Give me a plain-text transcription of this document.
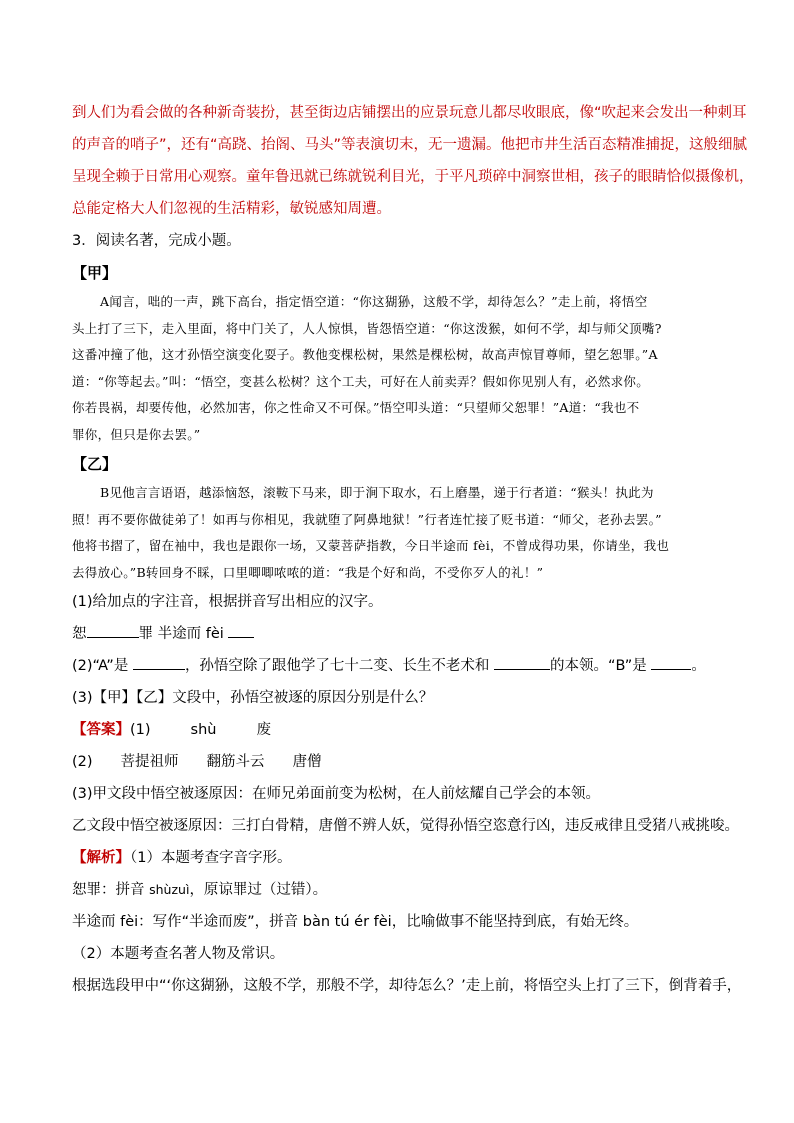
到人们为看会做的各种新奇装扮，甚至街边店铺摆出的应景玩意儿都尽收眼底，像“吹起来会发出一种刺耳

的声音的哨子”，还有“高跷、抬阁、马头”等表演切末，无一遗漏。他把市井生活百态精准捕捉，这般细腻

呈现全赖于日常用心观察。童年鲁迅就已练就锐利目光，于平凡琐碎中洞察世相，孩子的眼睛恰似摄像机，

总能定格大人们忽视的生活精彩，敏锐感知周遭。

3．阅读名著，完成小题。

【甲】

A闻言，咄的一声，跳下高台，指定悟空道：“你这猢狲，这般不学，却待怎么？”走上前，将悟空

头上打了三下，走入里面，将中门关了，人人惊惧，皆怨悟空道：“你这泼猴，如何不学，却与师父顶嘴?

这番冲撞了他，这才孙悟空演变化耍子。教他变棵松树，果然是棵松树，故高声惊冒尊师，望乞恕罪。”A

道：“你等起去。”叫：“悟空，变甚么松树？这个工夫，可好在人前卖弄？假如你见别人有，必然求你。

你若畏祸，却要传他，必然加害，你之性命又不可保。”悟空叩头道：“只望师父恕罪！”A道：“我也不

罪你，但只是你去罢。”

【乙】

B见他言言语语，越添恼怒，滚鞍下马来，即于涧下取水，石上磨墨，递于行者道：“猴头！执此为

照！再不要你做徒弟了！如再与你相见，我就堕了阿鼻地狱！”行者连忙接了贬书道：“师父，老孙去罢。”

他将书摺了，留在袖中，我也是跟你一场，又蒙菩萨指教，今日半途而 fèi，不曾成得功果，你请坐，我也

去得放心。”B转回身不睬，口里唧唧哝哝的道：“我是个好和尚，不受你歹人的礼！”

(1)给加点的字注音，根据拼音写出相应的汉字。

恕	罪 半途而 fèi

(2)“A”是	，孙悟空除了跟他学了七十二变、长生不老术和	的本领。“B”是	。

(3)【甲】【乙】文段中，孙悟空被逐的原因分别是什么？

【答案】(1)	shù	废

(2) 菩提祖师 翻筋斗云 唐僧

(3)甲文段中悟空被逐原因：在师兄弟面前变为松树，在人前炫耀自己学会的本领。

乙文段中悟空被逐原因：三打白骨精，唐僧不辨人妖，觉得孙悟空恣意行凶，违反戒律且受猪八戒挑唆。

【解析】（1）本题考查字音字形。

恕罪：拼音 shùzuì，原谅罪过（过错）。

半途而 fèi：写作“半途而废”，拼音 bàn tú ér fèi，比喻做事不能坚持到底，有始无终。

（2）本题考查名著人物及常识。

根据选段甲中“‘你这猢狲，这般不学，那般不学，却待怎么？’走上前，将悟空头上打了三下，倒背着手，
